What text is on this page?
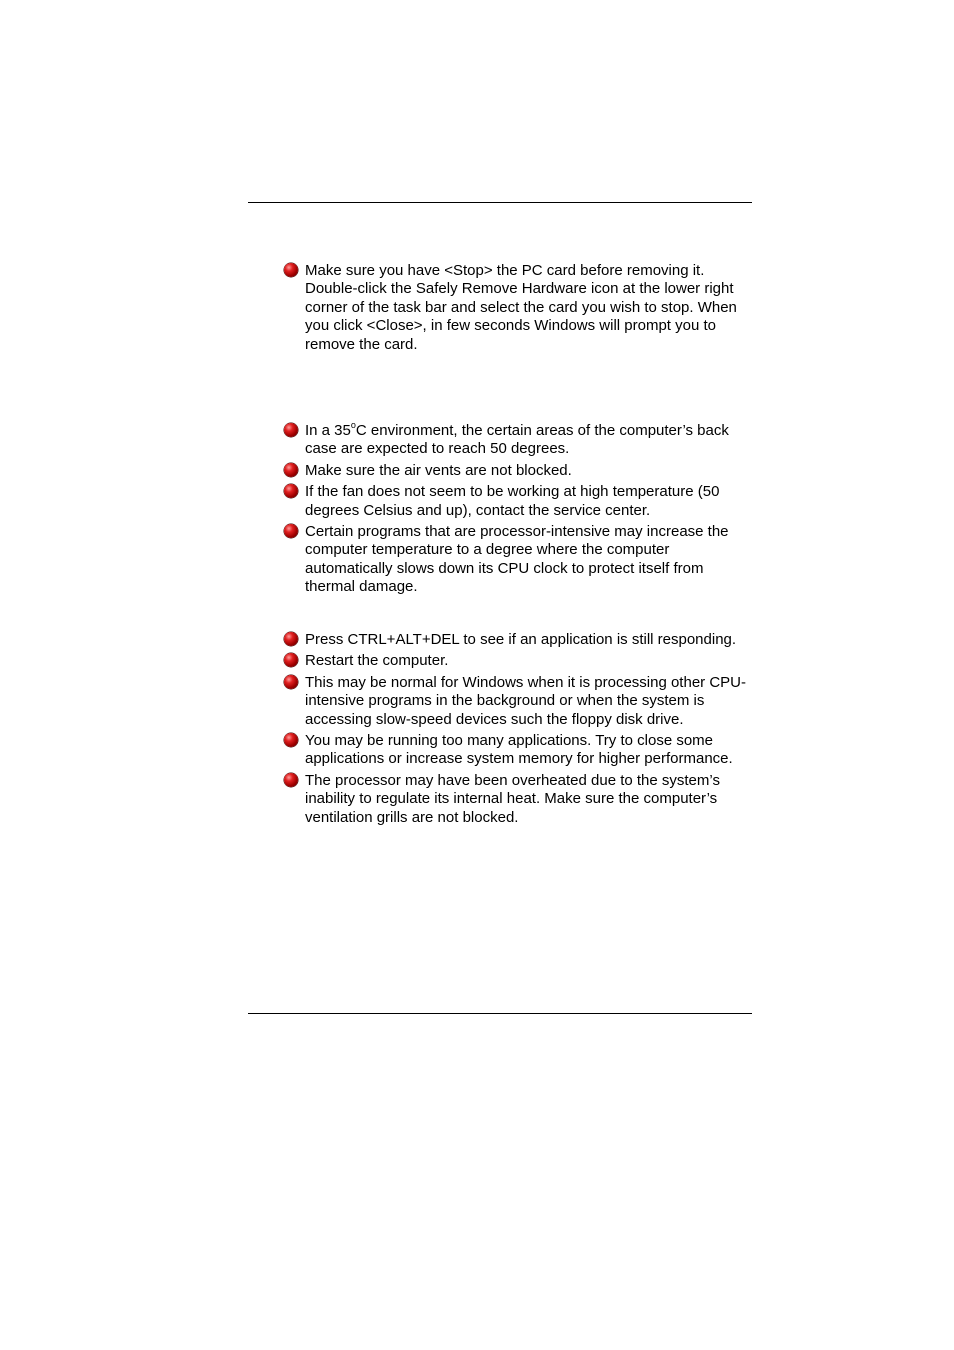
Make sure you have <Stop> the PC card before removing it. Double-click the Safely Remove Hardware icon at the lower right corner of the task bar and select the card you wish to stop. When you click <Close>, in few seconds Windows will prompt you to remove the card.
In a 35$^o$C environment, the certain areas of the computer’s back case are expected to reach 50 degrees.
Make sure the air vents are not blocked.
If the fan does not seem to be working at high temperature (50 degrees Celsius and up), contact the service center.
Certain programs that are processor-intensive may increase the computer temperature to a degree where the computer automatically slows down its CPU clock to protect itself from thermal damage.
Press CTRL+ALT+DEL to see if an application is still responding.
Restart the computer.
This may be normal for Windows when it is processing other CPU-intensive programs in the background or when the system is accessing slow-speed devices such the floppy disk drive.
You may be running too many applications. Try to close some applications or increase system memory for higher performance.
The processor may have been overheated due to the system’s inability to regulate its internal heat. Make sure the computer’s ventilation grills are not blocked.
